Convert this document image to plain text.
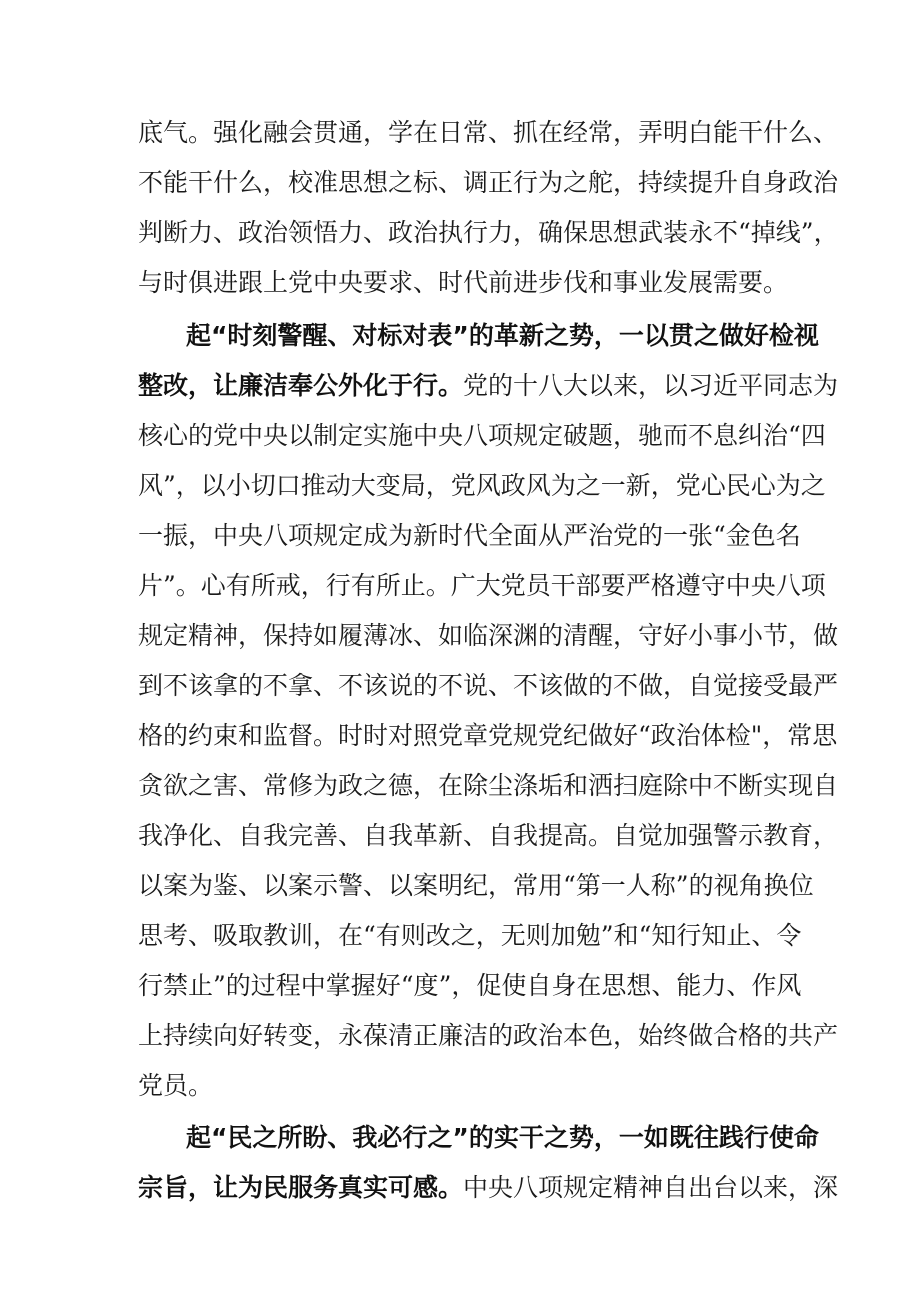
底气。强化融会贯通，学在日常、抓在经常，弄明白能干什么、
不能干什么，校准思想之标、调正行为之舵，持续提升自身政治
判断力、政治领悟力、政治执行力，确保思想武装永不“掉线”，
与时俱进跟上党中央要求、时代前进步伐和事业发展需要。
起“时刻警醒、对标对表”的革新之势，一以贯之做好检视
整改，让廉洁奉公外化于行。党的十八大以来，以习近平同志为
核心的党中央以制定实施中央八项规定破题，驰而不息纠治“四
风”，以小切口推动大变局，党风政风为之一新，党心民心为之
一振，中央八项规定成为新时代全面从严治党的一张“金色名
片”。心有所戒，行有所止。广大党员干部要严格遵守中央八项
规定精神，保持如履薄冰、如临深渊的清醒，守好小事小节，做
到不该拿的不拿、不该说的不说、不该做的不做，自觉接受最严
格的约束和监督。时时对照党章党规党纪做好“政治体检"，常思
贪欲之害、常修为政之德，在除尘涤垢和洒扫庭除中不断实现自
我净化、自我完善、自我革新、自我提高。自觉加强警示教育，
以案为鉴、以案示警、以案明纪，常用“第一人称”的视角换位
思考、吸取教训，在“有则改之，无则加勉”和“知行知止、令
行禁止”的过程中掌握好“度”，促使自身在思想、能力、作风
上持续向好转变，永葆清正廉洁的政治本色，始终做合格的共产
党员。
起“民之所盼、我必行之”的实干之势，一如既往践行使命
宗旨，让为民服务真实可感。中央八项规定精神自出台以来，深
